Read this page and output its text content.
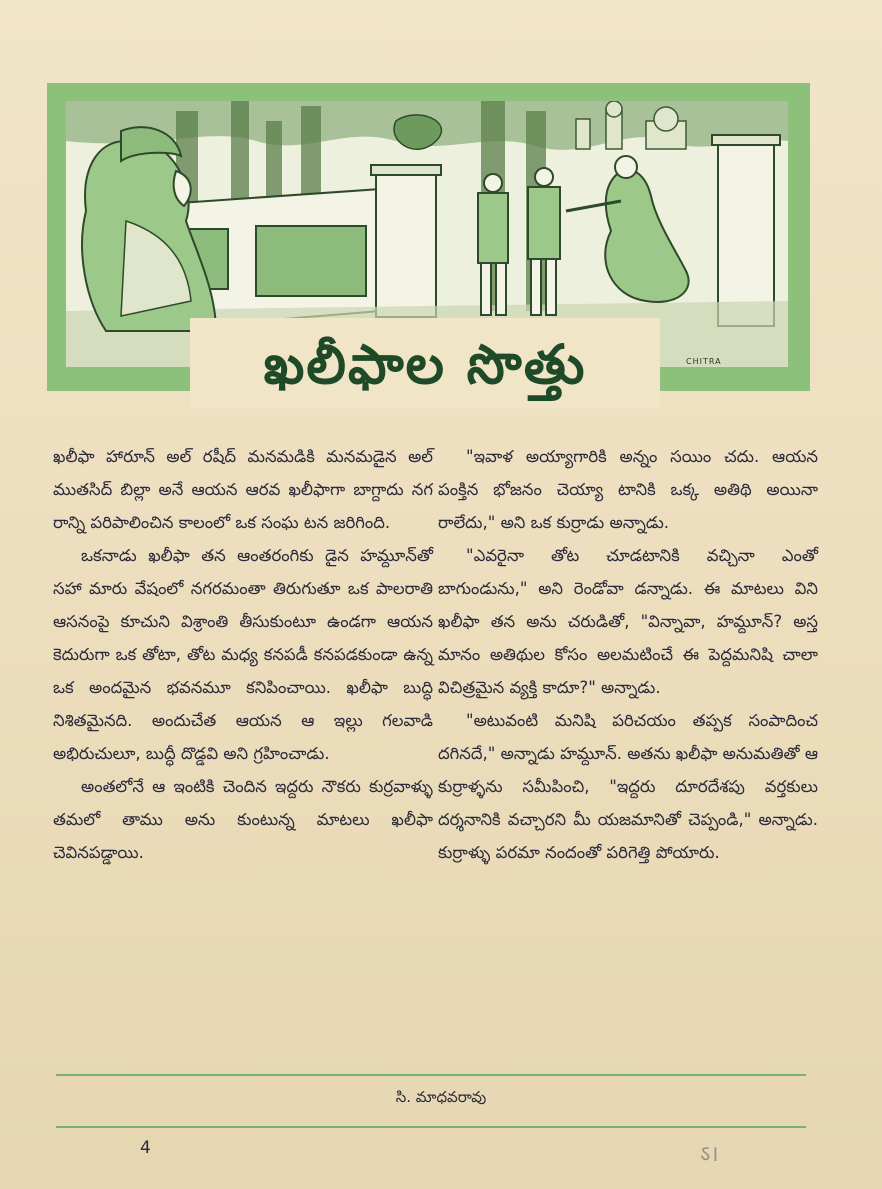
ఖలీఫాల సొత్తు	CHITRA

ఖలీఫా హారూన్ అల్ రషీద్ మనమడికి మనమడైన అల్ ముతసిద్ బిల్లా అనే ఆయన ఆరవ ఖలీఫాగా బాగ్దాదు నగ రాన్ని పరిపాలించిన కాలంలో ఒక సంఘ టన జరిగింది.

ఒకనాడు ఖలీఫా తన ఆంతరంగికు డైన హమ్దూన్‌తో సహా మారు వేషంలో నగరమంతా తిరుగుతూ ఒక పాలరాతి ఆసనంపై కూచుని విశ్రాంతి తీసుకుంటూ ఉండగా ఆయన కెదురుగా ఒక తోటా, తోట మధ్య కనపడీ కనపడకుండా ఉన్న ఒక అందమైన భవనమూ కనిపించాయి. ఖలీఫా బుద్ధి నిశితమైనది. అందుచేత ఆయన ఆ ఇల్లు గలవాడి అభిరుచులూ, బుద్ధీ దొడ్డవి అని గ్రహించాడు.

అంతలోనే ఆ ఇంటికి చెందిన ఇద్దరు నౌకరు కుర్రవాళ్ళు తమలో తాము అను కుంటున్న మాటలు ఖలీఫా చెవినపడ్డాయి.

"ఇవాళ అయ్యాగారికి అన్నం సయిం చదు. ఆయన పంక్తిన భోజనం చెయ్యా టానికి ఒక్క అతిథి అయినా రాలేదు," అని ఒక కుర్రాడు అన్నాడు.

"ఎవరైనా తోట చూడటానికి వచ్చినా ఎంతో బాగుండును," అని రెండోవా డన్నాడు. ఈ మాటలు విని ఖలీఫా తన అను చరుడితో, "విన్నావా, హమ్దూన్? అస్త మానం అతిథుల కోసం అలమటించే ఈ పెద్దమనిషి చాలా విచిత్రమైన వ్యక్తి కాదూ?" అన్నాడు.

"అటువంటి మనిషి పరిచయం తప్పక సంపాదించ దగినదే," అన్నాడు హమ్దూన్. అతను ఖలీఫా అనుమతితో ఆ కుర్రాళ్ళను సమీపించి, "ఇద్దరు దూరదేశపు వర్తకులు దర్శనానికి వచ్చారని మీ యజమానితో చెప్పండి," అన్నాడు. కుర్రాళ్ళు పరమా నందంతో పరిగెత్తి పోయారు.

సి. మాధవరావు
4	ऽ।
